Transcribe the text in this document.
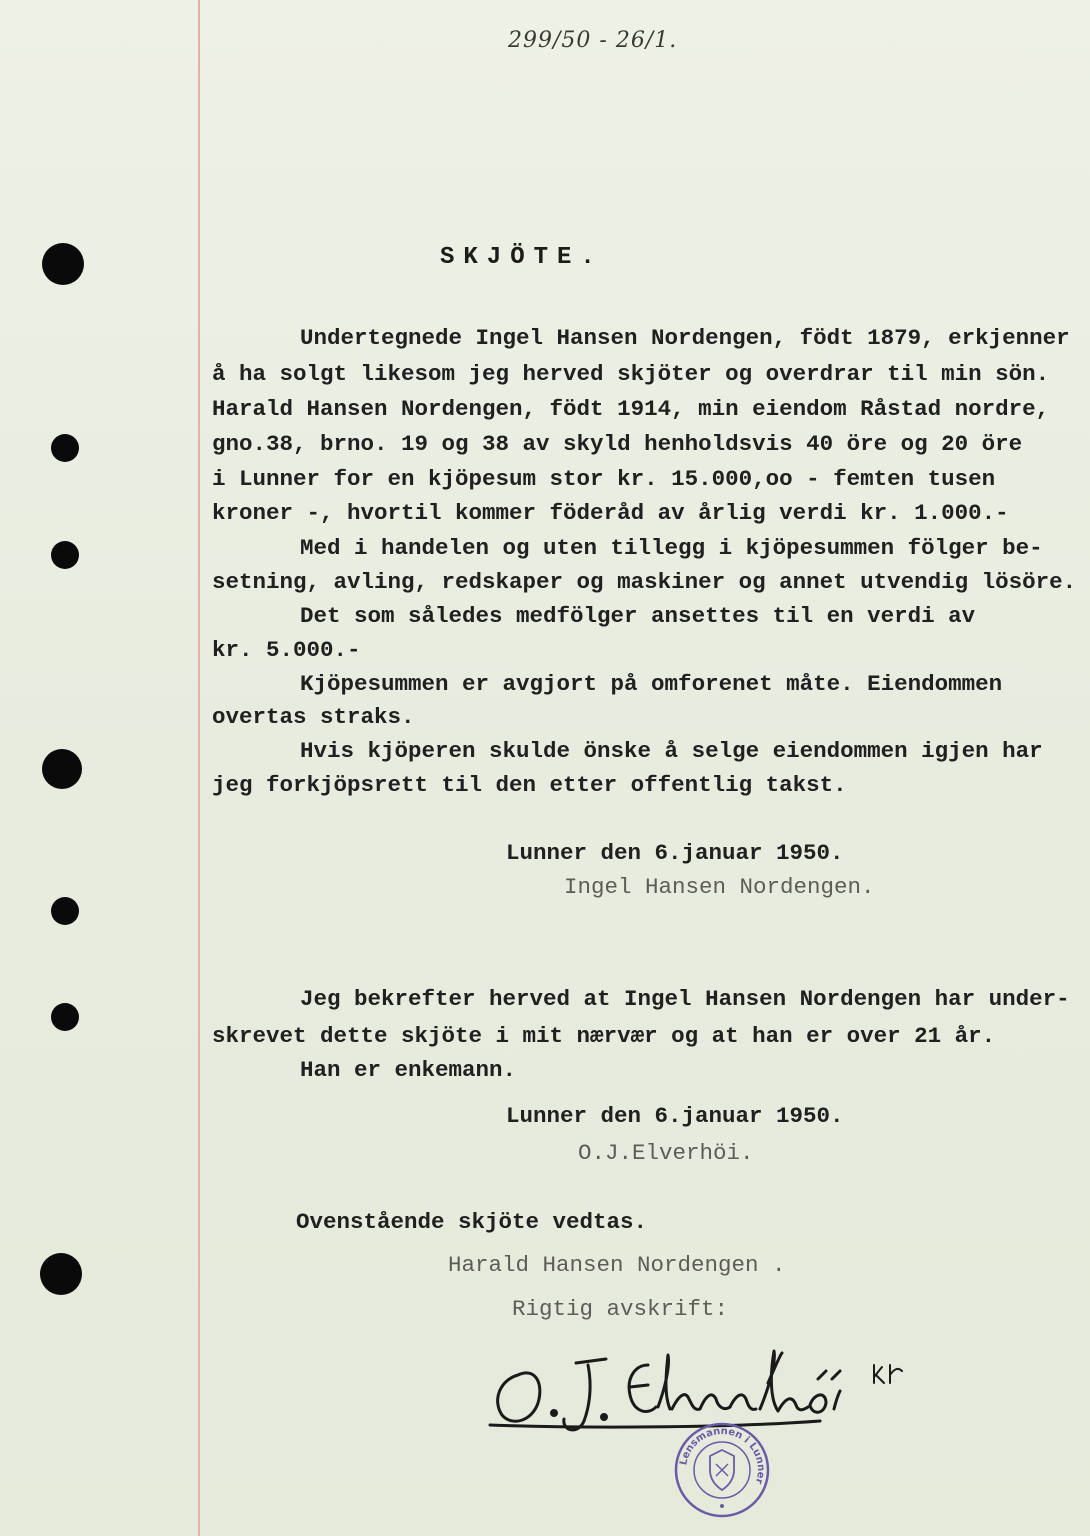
299/50 - 26/1.
SKJÖTE.
Undertegnede Ingel Hansen Nordengen, födt 1879, erkjenner
å ha solgt likesom jeg herved skjöter og overdrar til min sön.
Harald Hansen Nordengen, födt 1914, min eiendom Råstad nordre,
gno.38, brno. 19 og 38 av skyld henholdsvis 40 öre og 20 öre
i Lunner for en kjöpesum stor kr. 15.000,oo - femten tusen
kroner -, hvortil kommer föderåd av årlig verdi kr. 1.000.-
Med i handelen og uten tillegg i kjöpesummen fölger be-
setning, avling, redskaper og maskiner og annet utvendig lösöre.
Det som således medfölger ansettes til en verdi av
kr. 5.000.-
Kjöpesummen er avgjort på omforenet måte. Eiendommen
overtas straks.
Hvis kjöperen skulde önske å selge eiendommen igjen har
jeg forkjöpsrett til den etter offentlig takst.
Lunner den 6.januar 1950.
Ingel Hansen Nordengen.
Jeg bekrefter herved at Ingel Hansen Nordengen har under-
skrevet dette skjöte i mit nærvær og at han er over 21 år.
Han er enkemann.
Lunner den 6.januar 1950.
O.J.Elverhöi.
Ovenstående skjöte vedtas.
Harald Hansen Nordengen .
Rigtig avskrift:
Lensmannen i Lunner
